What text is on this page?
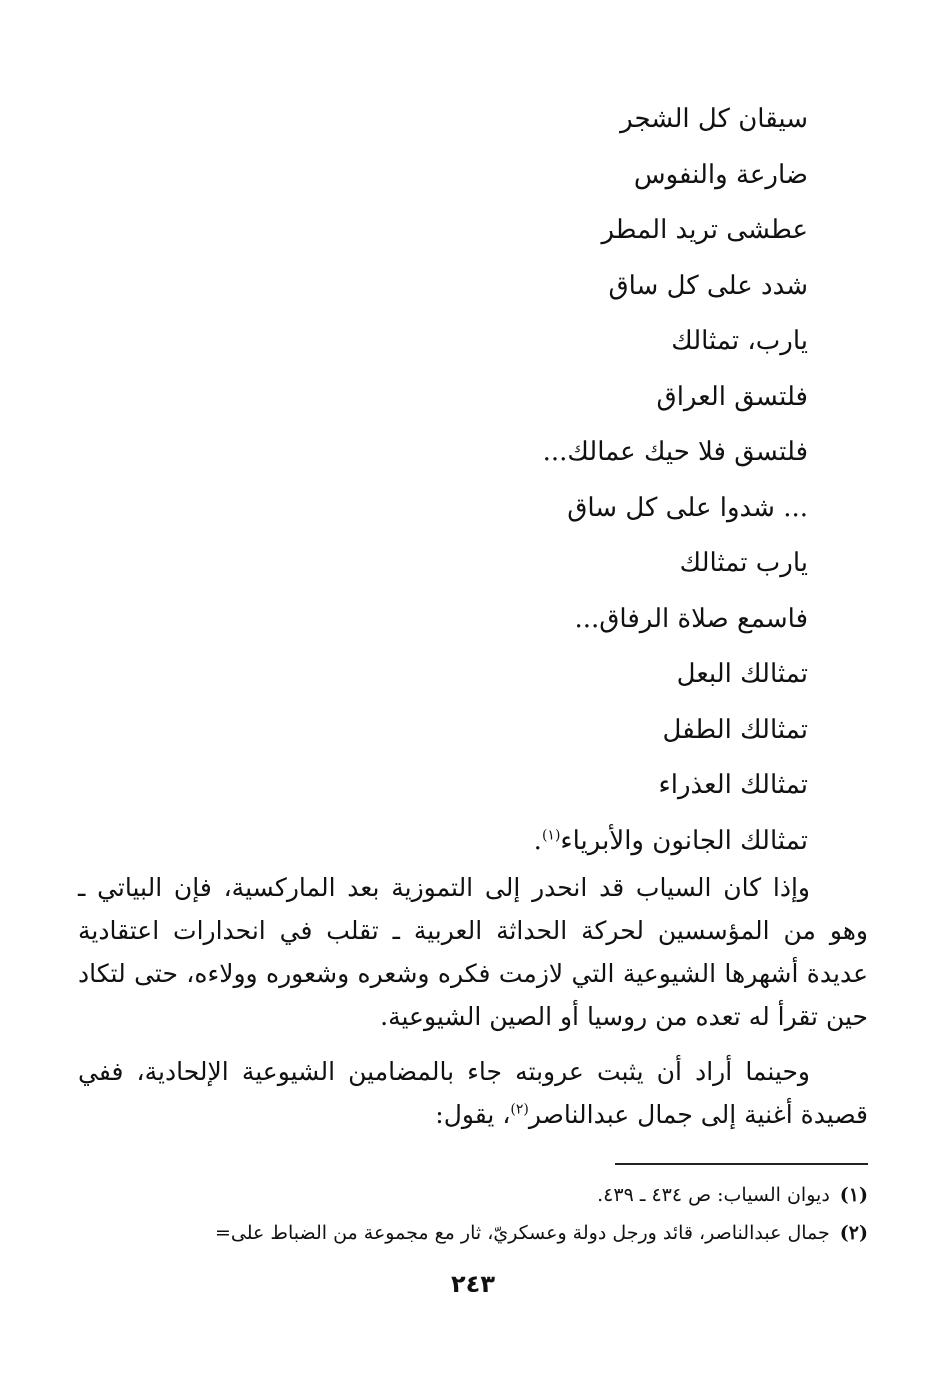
سيقان كل الشجر
ضارعة والنفوس
عطشى تريد المطر
شدد على كل ساق
يارب، تمثالك
فلتسق العراق
فلتسق فلا حيك عمالك...
... شدوا على كل ساق
يارب تمثالك
فاسمع صلاة الرفاق...
تمثالك البعل
تمثالك الطفل
تمثالك العذراء
تمثالك الجانون والأبرياء$^{(١)}$.

وإذا كان السياب قد انحدر إلى التموزية بعد الماركسية، فإن البياتي ـ وهو من المؤسسين لحركة الحداثة العربية ـ تقلب في انحدارات اعتقادية عديدة أشهرها الشيوعية التي لازمت فكره وشعره وشعوره وولاءه، حتى لتكاد حين تقرأ له تعده من روسيا أو الصين الشيوعية.

وحينما أراد أن يثبت عروبته جاء بالمضامين الشيوعية الإلحادية، ففي قصيدة أغنية إلى جمال عبدالناصر$^{(٢)}$، يقول:

(١)ديوان السياب: ص ٤٣٤ ـ ٤٣٩.
(٢)جمال عبدالناصر، قائد ورجل دولة وعسكريّ، ثار مع مجموعة من الضباط على=
٢٤٣
